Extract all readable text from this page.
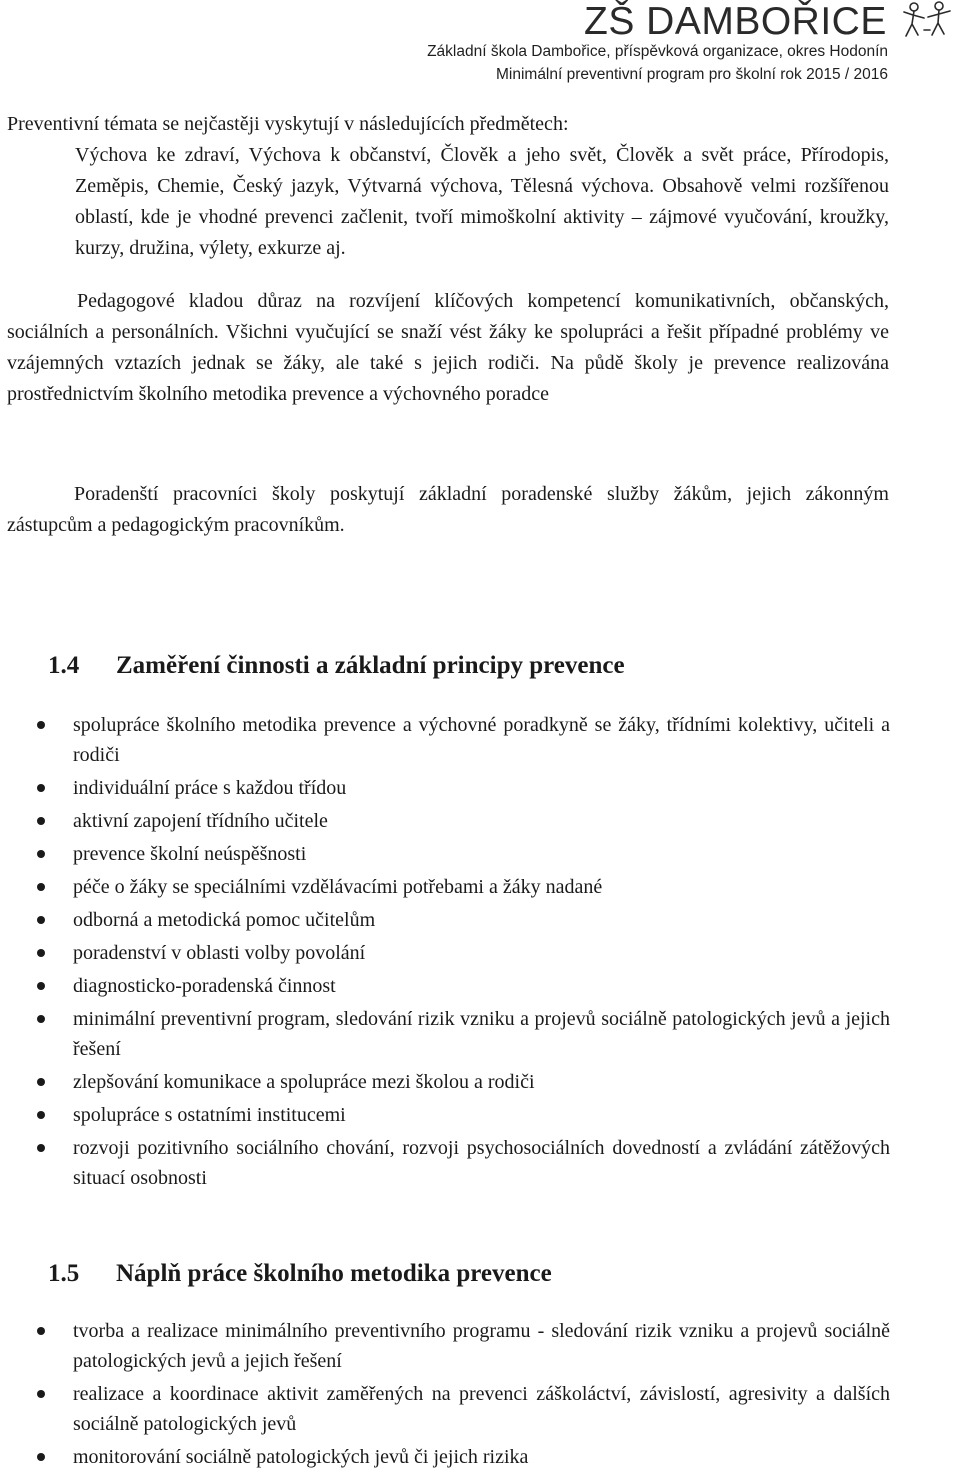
ZŠ DAMBOŘICE
Základní škola Dambořice, příspěvková organizace, okres Hodonín
Minimální preventivní program pro školní rok 2015 / 2016
Preventivní témata se nejčastěji vyskytují v následujících předmětech:
Výchova ke zdraví, Výchova k občanství, Člověk a jeho svět, Člověk a svět práce, Přírodopis, Zeměpis, Chemie, Český jazyk, Výtvarná výchova, Tělesná výchova. Obsahově velmi rozšířenou oblastí, kde je vhodné prevenci začlenit, tvoří mimoškolní aktivity – zájmové vyučování, kroužky, kurzy, družina, výlety, exkurze aj.
Pedagogové kladou důraz na rozvíjení klíčových kompetencí komunikativních, občanských, sociálních a personálních. Všichni vyučující se snaží vést žáky ke spolupráci a řešit případné problémy ve vzájemných vztazích jednak se žáky, ale také s jejich rodiči. Na půdě školy je prevence realizována prostřednictvím školního metodika prevence a výchovného poradce
Poradenští pracovníci školy poskytují základní poradenské služby žákům, jejich zákonným zástupcům a pedagogickým pracovníkům.
1.4 Zaměření činnosti a základní principy prevence
spolupráce školního metodika prevence a výchovné poradkyně se žáky, třídními kolektivy, učiteli a rodiči
individuální práce s každou třídou
aktivní zapojení třídního učitele
prevence školní neúspěšnosti
péče o žáky se speciálními vzdělávacími potřebami a žáky nadané
odborná a metodická pomoc učitelům
poradenství v oblasti volby povolání
diagnosticko-poradenská činnost
minimální preventivní program, sledování rizik vzniku a projevů sociálně patologických jevů a jejich řešení
zlepšování komunikace a spolupráce mezi školou a rodiči
spolupráce s ostatními institucemi
rozvoji pozitivního sociálního chování, rozvoji psychosociálních dovedností a zvládání zátěžových situací osobnosti
1.5 Náplň práce školního metodika prevence
tvorba a realizace minimálního preventivního programu - sledování rizik vzniku a projevů sociálně patologických jevů a jejich řešení
realizace a koordinace aktivit zaměřených na prevenci záškoláctví, závislostí, agresivity a dalších sociálně patologických jevů
monitorování sociálně patologických jevů či jejich rizika
